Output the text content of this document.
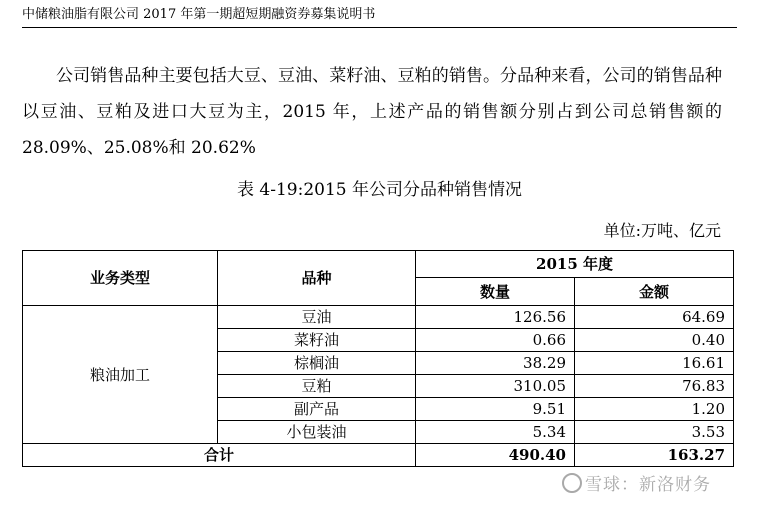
中储粮油脂有限公司 2017 年第一期超短期融资券募集说明书
公司销售品种主要包括大豆、豆油、菜籽油、豆粕的销售。分品种来看，公司的销售品种以豆油、豆粕及进口大豆为主，2015 年，上述产品的销售额分别占到公司总销售额的 28.09%、25.08%和 20.62%
表 4-19:2015 年公司分品种销售情况
单位:万吨、亿元
业务类型	品种	2015 年度	
		数量	金额
粮油加工	豆油	126.56	64.69
	菜籽油	0.66	0.40
	棕榈油	38.29	16.61
	豆粕	310.05	76.83
	副产品	9.51	1.20
	小包装油	5.34	3.53
合计		490.40	163.27
雪球：新洛财务
